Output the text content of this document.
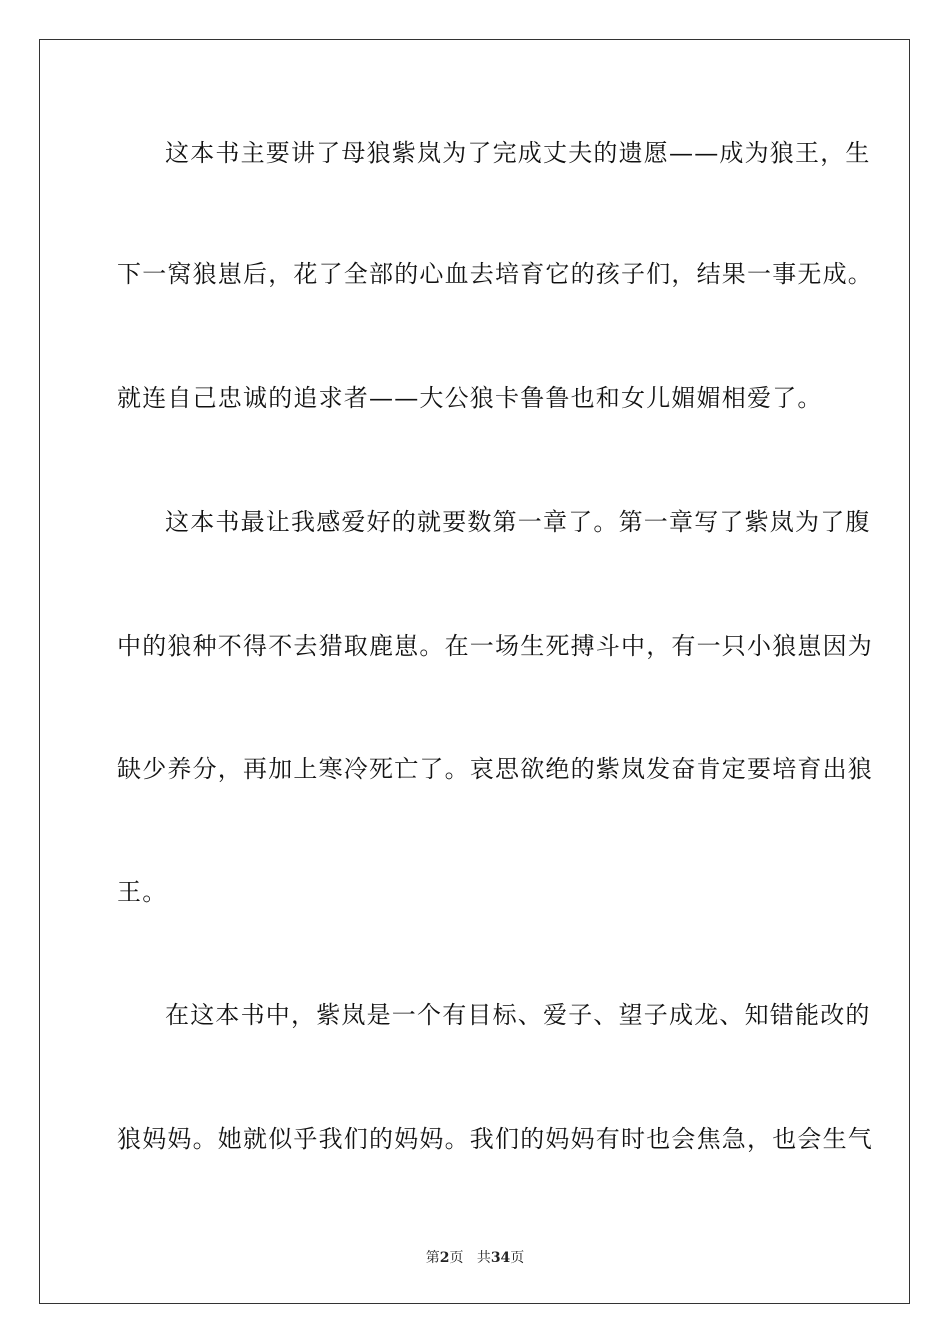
这本书主要讲了母狼紫岚为了完成丈夫的遗愿——成为狼王，生
下一窝狼崽后，花了全部的心血去培育它的孩子们，结果一事无成。
就连自己忠诚的追求者——大公狼卡鲁鲁也和女儿媚媚相爱了。
这本书最让我感爱好的就要数第一章了。第一章写了紫岚为了腹
中的狼种不得不去猎取鹿崽。在一场生死搏斗中，有一只小狼崽因为
缺少养分，再加上寒冷死亡了。哀思欲绝的紫岚发奋肯定要培育出狼
王。
在这本书中，紫岚是一个有目标、爱子、望子成龙、知错能改的
狼妈妈。她就似乎我们的妈妈。我们的妈妈有时也会焦急，也会生气
第2页 共34页
